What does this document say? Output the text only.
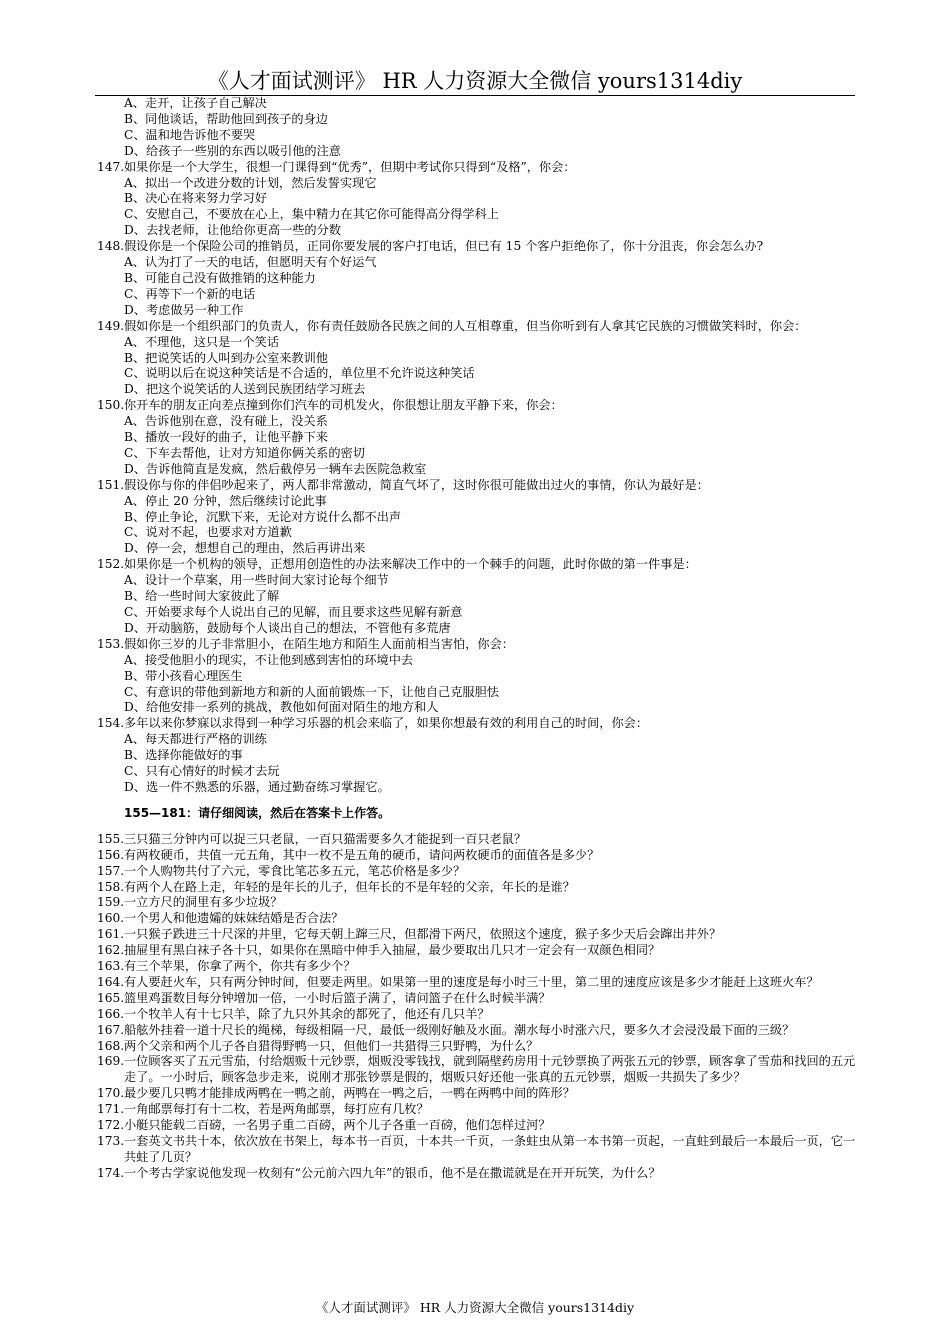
《人才面试测评》 HR 人力资源大全微信 yours1314diy
A、走开，让孩子自己解决
B、同他谈话，帮助他回到孩子的身边
C、温和地告诉他不要哭
D、给孩子一些别的东西以吸引他的注意
147. 如果你是一个大学生，很想一门课得到“优秀”，但期中考试你只得到“及格”，你会：
A、拟出一个改进分数的计划，然后发誓实现它
B、决心在将来努力学习好
C、安慰自己，不要放在心上，集中精力在其它你可能得高分得学科上
D、去找老师，让他给你更高一些的分数
148. 假设你是一个保险公司的推销员，正同你要发展的客户打电话，但已有 15 个客户拒绝你了，你十分沮丧，你会怎么办?
A、认为打了一天的电话，但愿明天有个好运气
B、可能自己没有做推销的这种能力
C、再等下一个新的电话
D、考虑做另一种工作
149. 假如你是一个组织部门的负责人，你有责任鼓励各民族之间的人互相尊重，但当你听到有人拿其它民族的习惯做笑料时，你会：
A、不理他，这只是一个笑话
B、把说笑话的人叫到办公室来教训他
C、说明以后在说这种笑话是不合适的，单位里不允许说这种笑话
D、把这个说笑话的人送到民族团结学习班去
150. 你开车的朋友正向差点撞到你们汽车的司机发火，你很想让朋友平静下来，你会：
A、告诉他别在意，没有碰上，没关系
B、播放一段好的曲子，让他平静下来
C、下车去帮他，让对方知道你俩关系的密切
D、告诉他简直是发疯，然后截停另一辆车去医院急救室
151. 假设你与你的伴侣吵起来了，两人都非常激动，简直气坏了，这时你很可能做出过火的事情，你认为最好是：
A、停止 20 分钟，然后继续讨论此事
B、停止争论，沉默下来，无论对方说什么都不出声
C、说对不起，也要求对方道歉
D、停一会，想想自己的理由，然后再讲出来
152. 如果你是一个机构的领导，正想用创造性的办法来解决工作中的一个棘手的问题，此时你做的第一件事是：
A、设计一个草案，用一些时间大家讨论每个细节
B、给一些时间大家彼此了解
C、开始要求每个人说出自己的见解，而且要求这些见解有新意
D、开动脑筋，鼓励每个人谈出自己的想法，不管他有多荒唐
153. 假如你三岁的儿子非常胆小，在陌生地方和陌生人面前相当害怕，你会：
A、接受他胆小的现实，不让他到感到害怕的环境中去
B、带小孩看心理医生
C、有意识的带他到新地方和新的人面前锻炼一下，让他自己克服胆怯
D、给他安排一系列的挑战，教他如何面对陌生的地方和人
154. 多年以来你梦寐以求得到一种学习乐器的机会来临了，如果你想最有效的利用自己的时间，你会：
A、每天都进行严格的训练
B、选择你能做好的事
C、只有心情好的时候才去玩
D、选一件不熟悉的乐器，通过勤奋练习掌握它。
155—181：请仔细阅读，然后在答案卡上作答。
155. 三只猫三分钟内可以捉三只老鼠，一百只猫需要多久才能捉到一百只老鼠？
156. 有两枚硬币，共值一元五角，其中一枚不是五角的硬币，请问两枚硬币的面值各是多少？
157. 一个人购物共付了六元，零食比笔芯多五元，笔芯价格是多少？
158. 有两个人在路上走，年轻的是年长的儿子，但年长的不是年轻的父亲，年长的是谁？
159. 一立方尺的洞里有多少垃圾？
160. 一个男人和他遗孀的妹妹结婚是否合法？
161. 一只猴子跌进三十尺深的井里，它每天朝上蹿三尺，但都滑下两尺，依照这个速度，猴子多少天后会蹿出井外？
162. 抽屉里有黑白袜子各十只，如果你在黑暗中伸手入抽屉，最少要取出几只才一定会有一双颜色相同？
163. 有三个苹果，你拿了两个，你共有多少个？
164. 有人要赶火车，只有两分钟时间，但要走两里。如果第一里的速度是每小时三十里，第二里的速度应该是多少才能赶上这班火车？
165. 篮里鸡蛋数目每分钟增加一倍，一小时后篮子满了，请问篮子在什么时候半满？
166. 一个牧羊人有十七只羊，除了九只外其余的都死了，他还有几只羊？
167. 船舷外挂着一道十尺长的绳梯，每级相隔一尺，最低一级刚好触及水面。潮水每小时涨六尺，要多久才会浸没最下面的三级？
168. 两个父亲和两个儿子各自猎得野鸭一只，但他们一共猎得三只野鸭，为什么？
169. 一位顾客买了五元雪茄，付给烟贩十元钞票，烟贩没零钱找，就到隔壁药房用十元钞票换了两张五元的钞票，顾客拿了雪茄和找回的五元走了。一小时后，顾客急步走来，说刚才那张钞票是假的，烟贩只好还他一张真的五元钞票，烟贩一共损失了多少？
170. 最少要几只鸭才能排成两鸭在一鸭之前，两鸭在一鸭之后，一鸭在两鸭中间的阵形？
171. 一角邮票每打有十二枚，若是两角邮票，每打应有几枚？
172. 小艇只能载二百磅，一名男子重二百磅，两个儿子各重一百磅，他们怎样过河？
173. 一套英文书共十本，依次放在书架上，每本书一百页，十本共一千页，一条蛀虫从第一本书第一页起，一直蛀到最后一本最后一页，它一共蛀了几页？
174. 一个考古学家说他发现一枚刻有“公元前六四九年”的银币，他不是在撒谎就是在开开玩笑，为什么？
《人才面试测评》 HR 人力资源大全微信 yours1314diy
